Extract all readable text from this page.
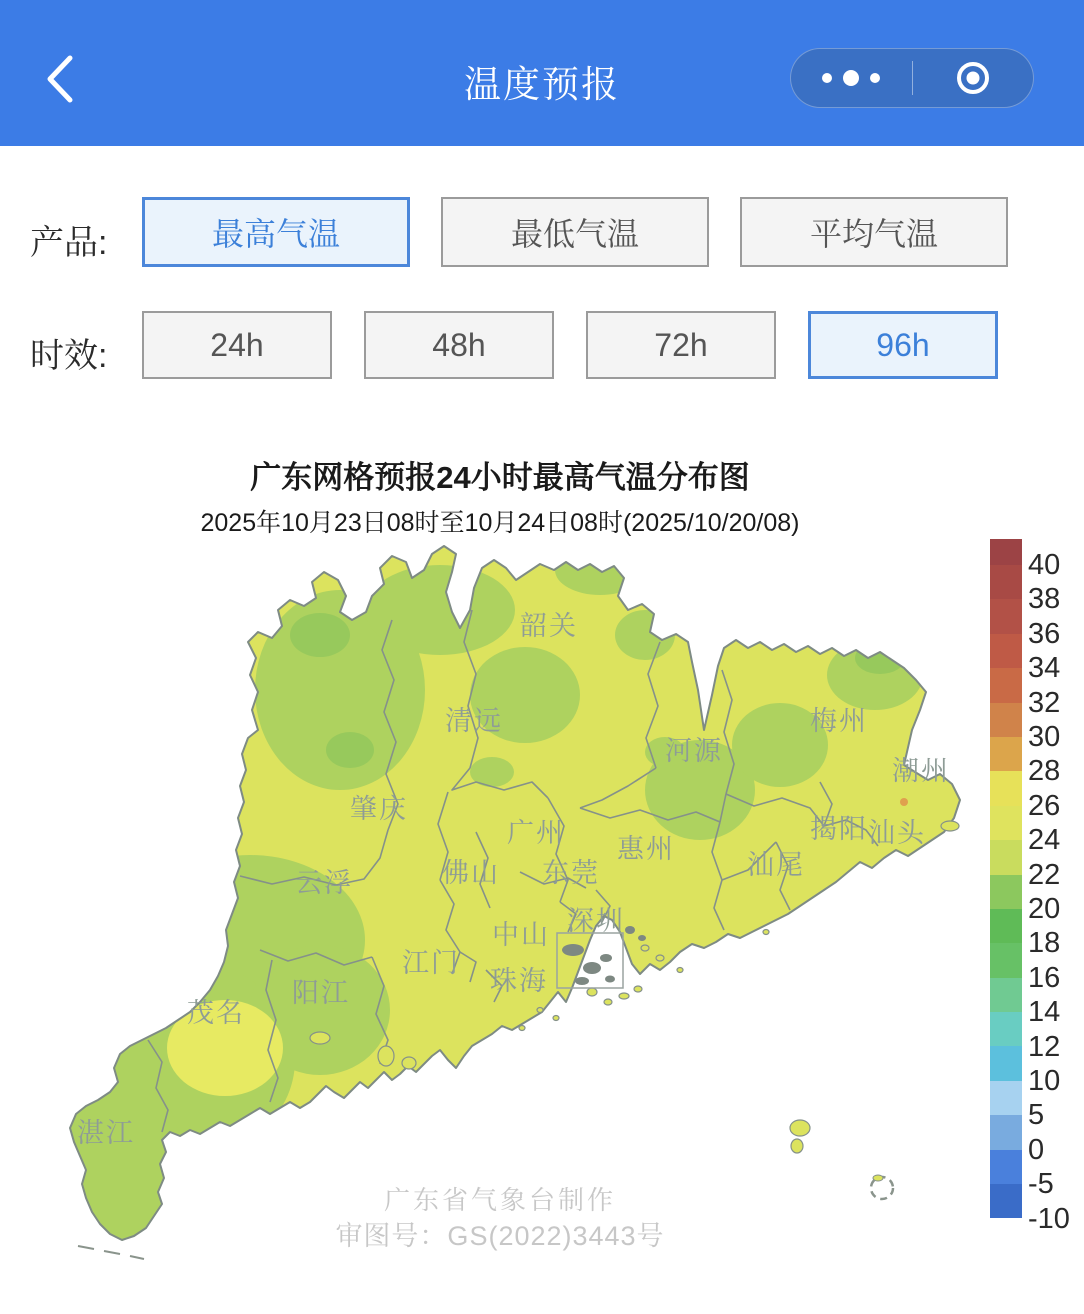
温度预报
产品:	最高气温	最低气温	平均气温
时效:	24h	48h	72h	96h
广东网格预报24小时最高气温分布图
2025年10月23日08时至10月24日08时(2025/10/20/08)
韶关
清远	梅州
河源
潮州
肇庆
揭阳 汕头
广州
惠州
汕尾
云浮	佛山 东莞
深圳
中山
江门
珠海
阳江
茂名
湛江
广东省气象台制作
审图号：GS(2022)3443号
40
38
36
34
32
30
28
26
24
22
20
18
16
14
12
10
5
0
-5
-10
